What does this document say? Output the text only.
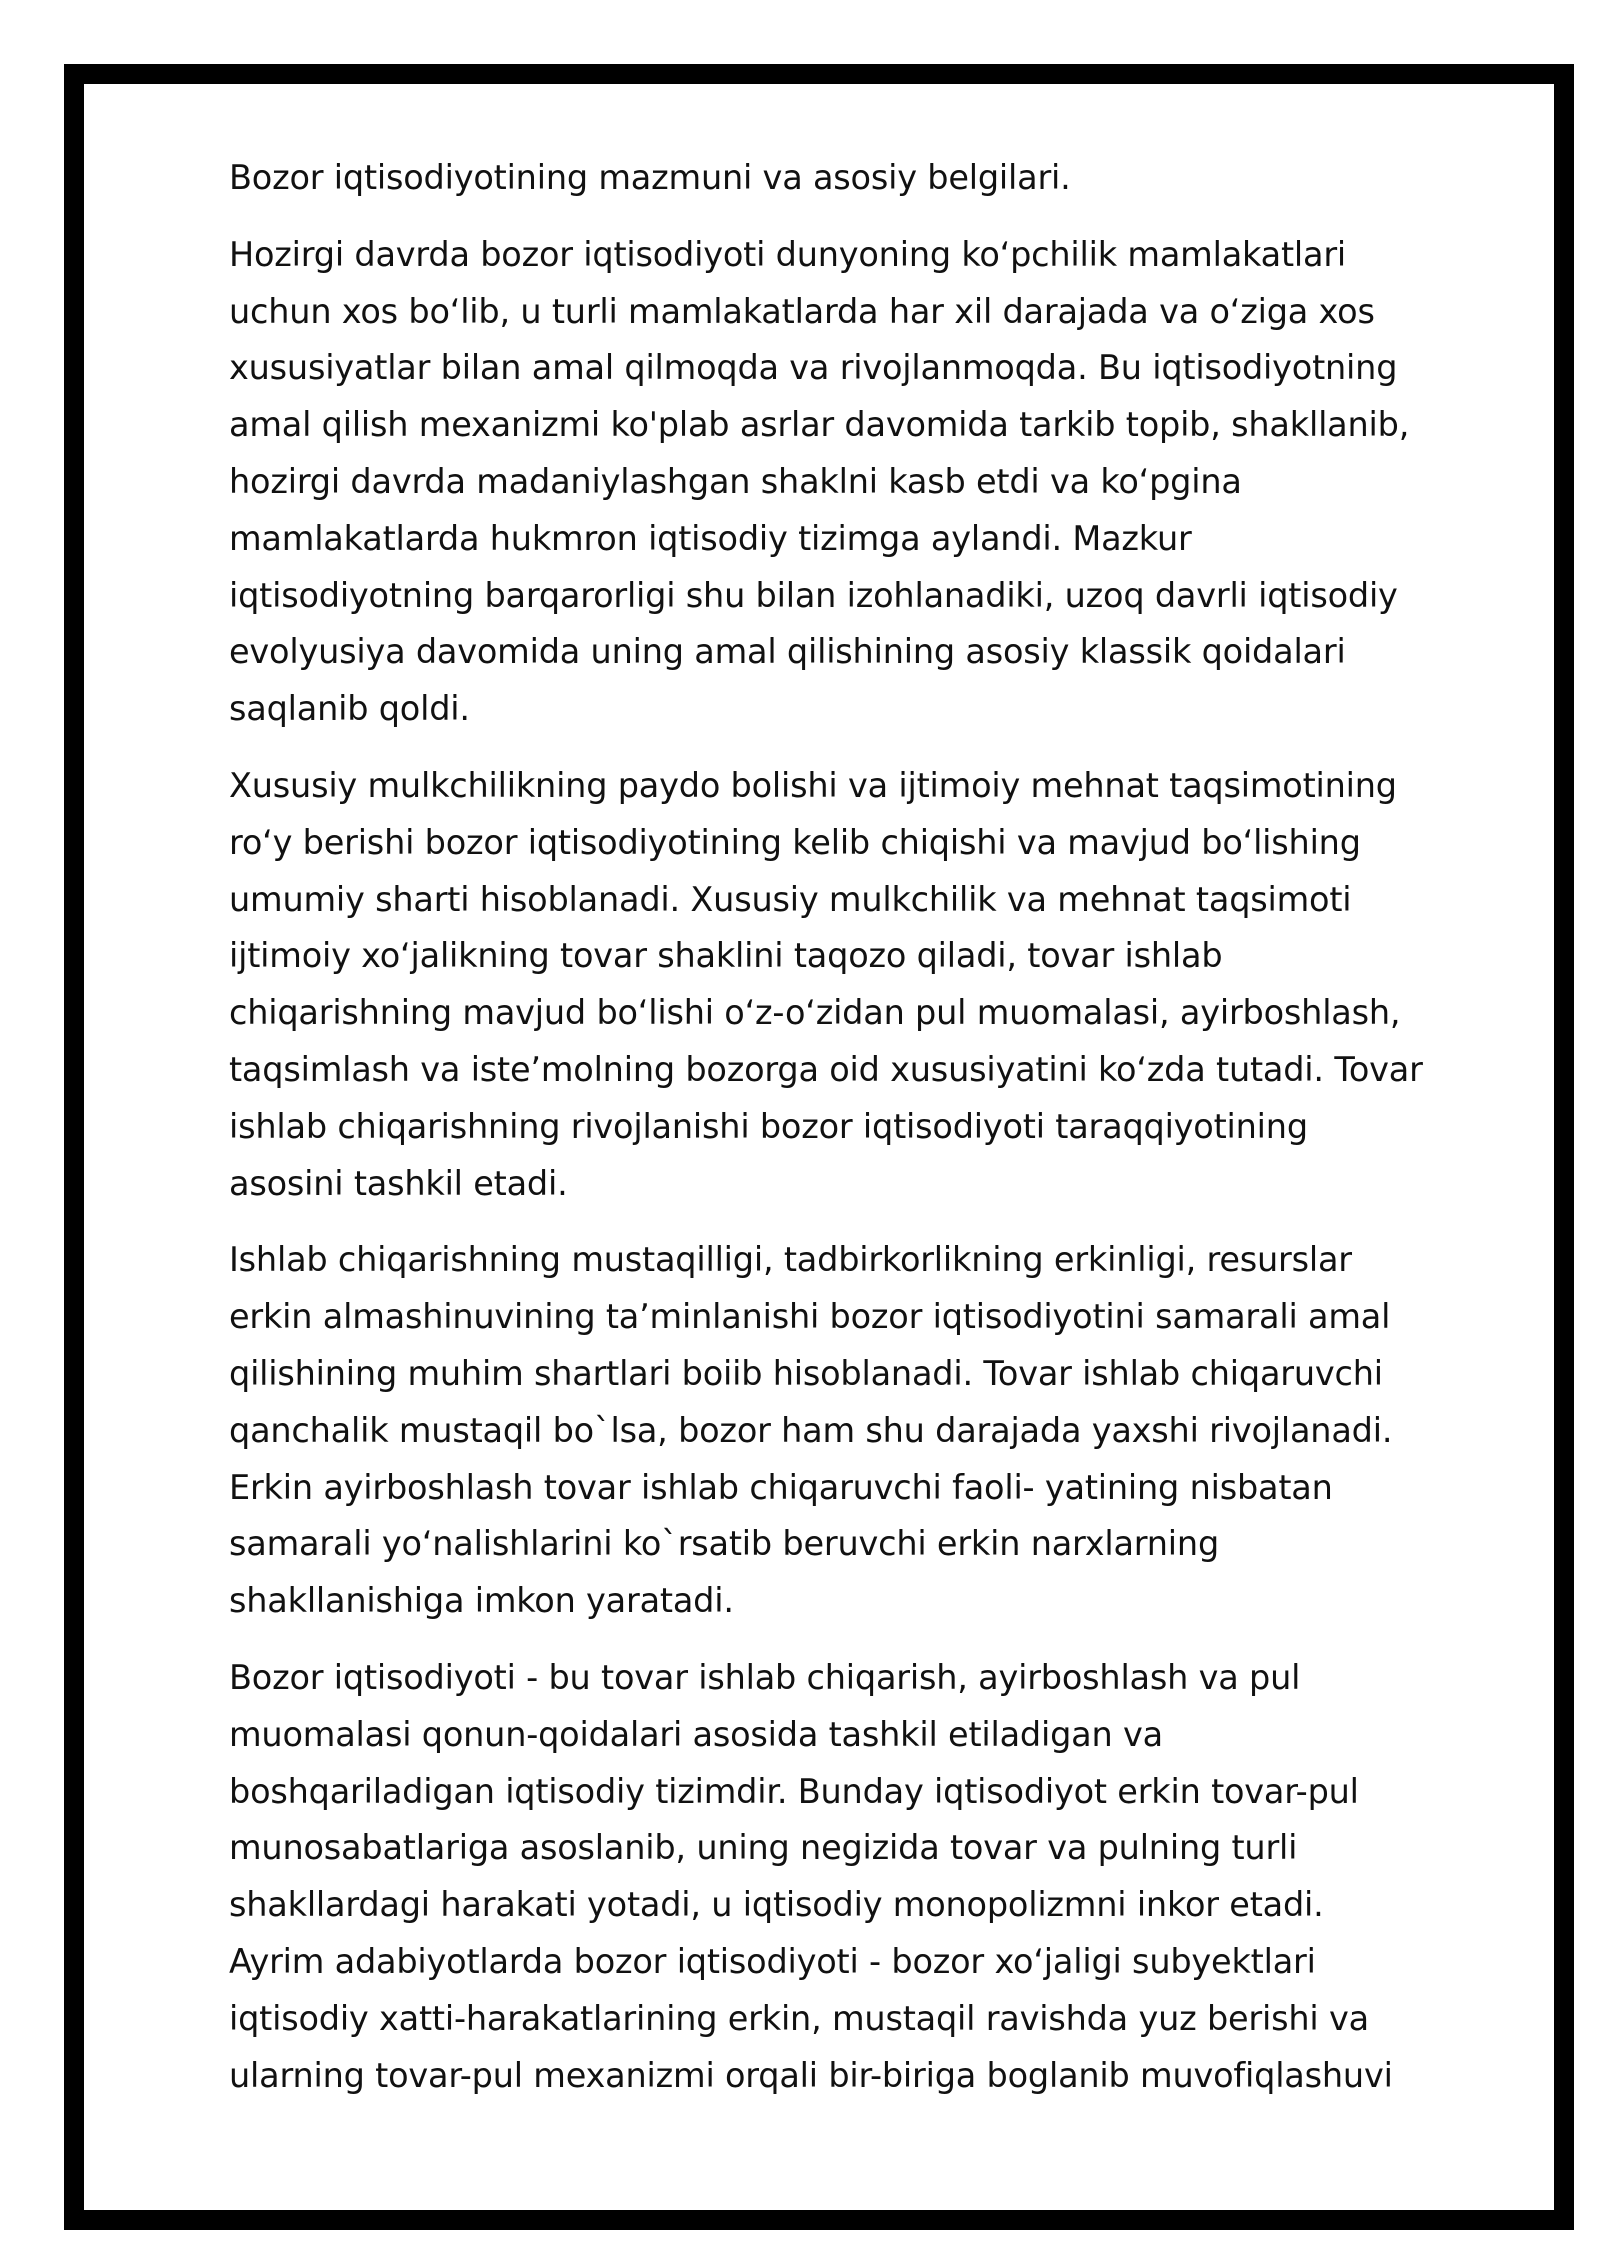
Bozor iqtisodiyotining mazmuni va asosiy belgilari.
Hozirgi davrda bozor iqtisodiyoti dunyoning koʻpchilik mamlakatlari
uchun xos boʻlib, u turli mamlakatlarda har xil darajada va oʻziga xos
xususiyatlar bilan amal qilmoqda va rivojlanmoqda. Bu iqtisodiyotning
amal qilish mexanizmi ko'plab asrlar davomida tarkib topib, shakllanib,
hozirgi davrda madaniylashgan shaklni kasb etdi va koʻpgina
mamlakatlarda hukmron iqtisodiy tizimga aylandi. Mazkur
iqtisodiyotning barqarorligi shu bilan izohlanadiki, uzoq davrli iqtisodiy
evolyusiya davomida uning amal qilishining asosiy klassik qoidalari
saqlanib qoldi.
Xususiy mulkchilikning paydo bolishi va ijtimoiy mehnat taqsimotining
roʻy berishi bozor iqtisodiyotining kelib chiqishi va mavjud boʻlishing
umumiy sharti hisoblanadi. Xususiy mulkchilik va mehnat taqsimoti
ijtimoiy xoʻjalikning tovar shaklini taqozo qiladi, tovar ishlab
chiqarishning mavjud boʻlishi oʻz-oʻzidan pul muomalasi, ayirboshlash,
taqsimlash va iste’molning bozorga oid xususiyatini koʻzda tutadi. Tovar
ishlab chiqarishning rivojlanishi bozor iqtisodiyoti taraqqiyotining
asosini tashkil etadi.
Ishlab chiqarishning mustaqilligi, tadbirkorlikning erkinligi, resurslar
erkin almashinuvining ta’minlanishi bozor iqtisodiyotini samarali amal
qilishining muhim shartlari boiib hisoblanadi. Tovar ishlab chiqaruvchi
qanchalik mustaqil bo`lsa, bozor ham shu darajada yaxshi rivojlanadi.
Erkin ayirboshlash tovar ishlab chiqaruvchi faoli- yatining nisbatan
samarali yoʻnalishlarini ko`rsatib beruvchi erkin narxlarning
shakllanishiga imkon yaratadi.
Bozor iqtisodiyoti - bu tovar ishlab chiqarish, ayirboshlash va pul
muomalasi qonun-qoidalari asosida tashkil etiladigan va
boshqariladigan iqtisodiy tizimdir. Bunday iqtisodiyot erkin tovar-pul
munosabatlariga asoslanib, uning negizida tovar va pulning turli
shakllardagi harakati yotadi, u iqtisodiy monopolizmni inkor etadi.
Ayrim adabiyotlarda bozor iqtisodiyoti - bozor xoʻjaligi subyektlari
iqtisodiy xatti-harakatlarining erkin, mustaqil ravishda yuz berishi va
ularning tovar-pul mexanizmi orqali bir-biriga boglanib muvofiqlashuvi
